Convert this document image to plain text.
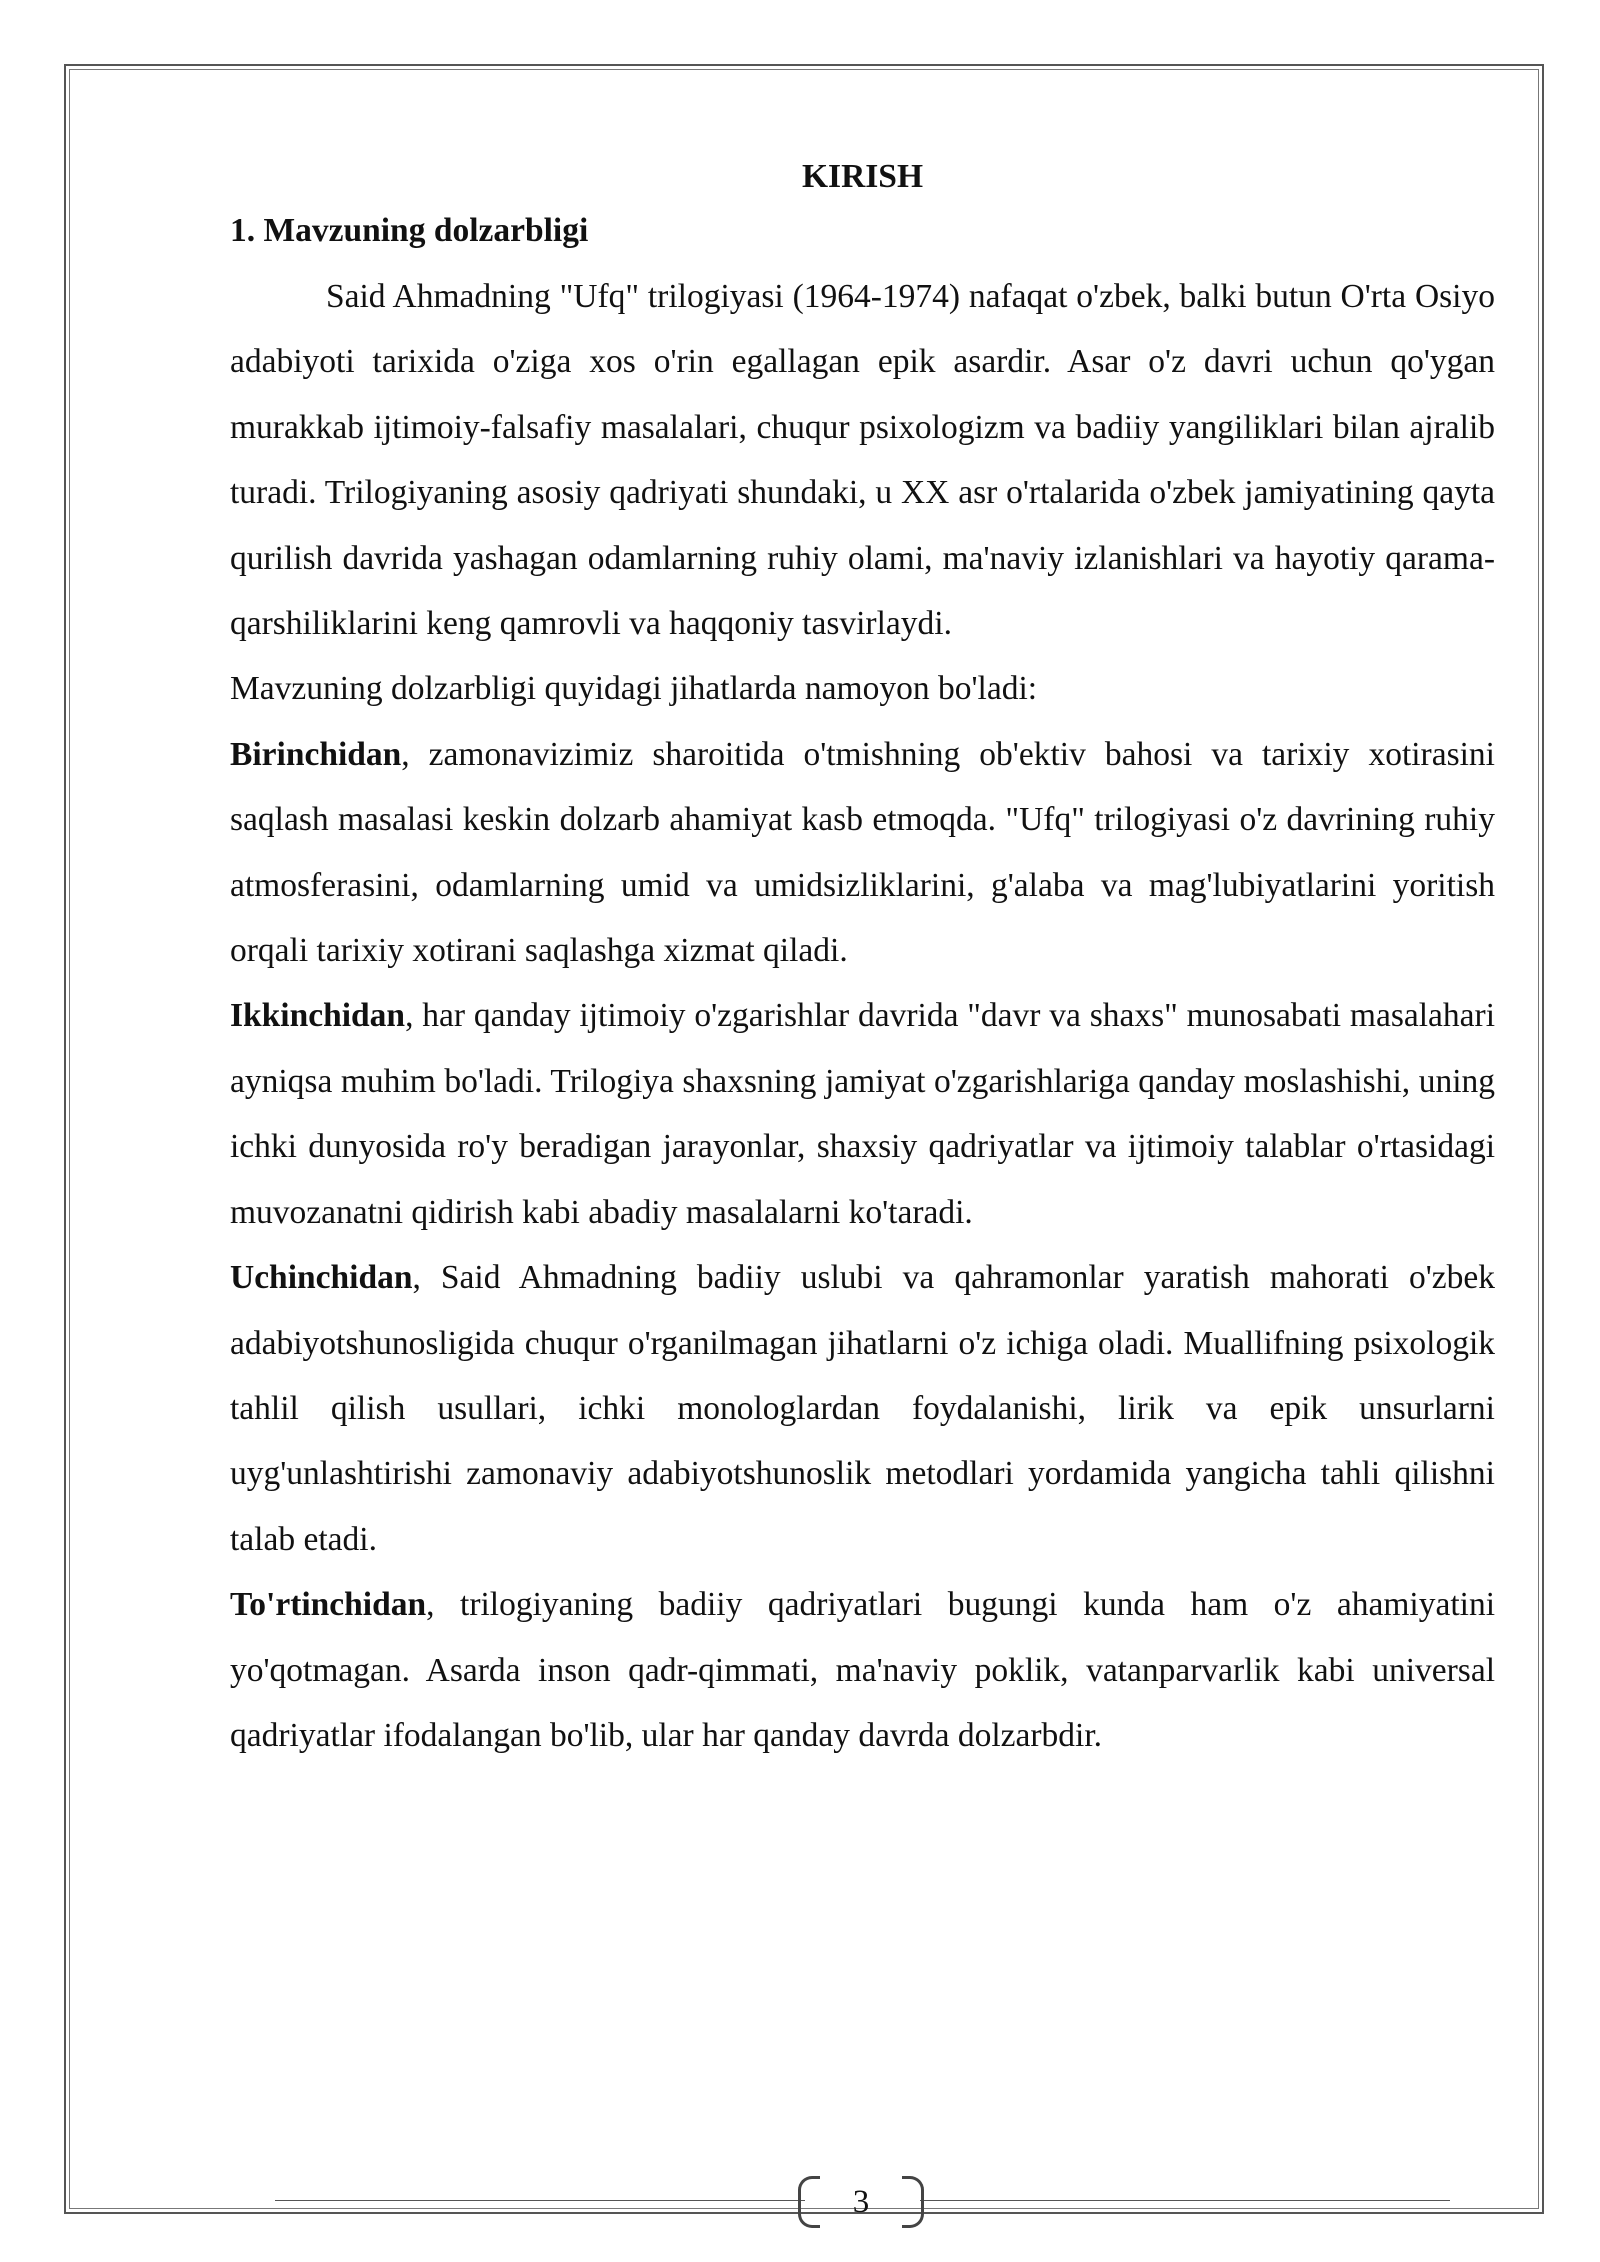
KIRISH

1. Mavzuning dolzarbligi

Said Ahmadning "Ufq" trilogiyasi (1964-1974) nafaqat o'zbek, balki butun O'rta Osiyo adabiyoti tarixida o'ziga xos o'rin egallagan epik asardir. Asar o'z davri uchun qo'ygan murakkab ijtimoiy-falsafiy masalalari, chuqur psixologizm va badiiy yangiliklari bilan ajralib turadi. Trilogiyaning asosiy qadriyati shundaki, u XX asr o'rtalarida o'zbek jamiyatining qayta qurilish davrida yashagan odamlarning ruhiy olami, ma'naviy izlanishlari va hayotiy qarama-qarshiliklarini keng qamrovli va haqqoniy tasvirlaydi.

Mavzuning dolzarbligi quyidagi jihatlarda namoyon bo'ladi:

Birinchidan, zamonavizimiz sharoitida o'tmishning ob'ektiv bahosi va tarixiy xotirasini saqlash masalasi keskin dolzarb ahamiyat kasb etmoqda. "Ufq" trilogiyasi o'z davrining ruhiy atmosferasini, odamlarning umid va umidsizliklarini, g'alaba va mag'lubiyatlarini yoritish orqali tarixiy xotirani saqlashga xizmat qiladi.

Ikkinchidan, har qanday ijtimoiy o'zgarishlar davrida "davr va shaxs" munosabati masalahari ayniqsa muhim bo'ladi. Trilogiya shaxsning jamiyat o'zgarishlariga qanday moslashishi, uning ichki dunyosida ro'y beradigan jarayonlar, shaxsiy qadriyatlar va ijtimoiy talablar o'rtasidagi muvozanatni qidirish kabi abadiy masalalarni ko'taradi.

Uchinchidan, Said Ahmadning badiiy uslubi va qahramonlar yaratish mahorati o'zbek adabiyotshunosligida chuqur o'rganilmagan jihatlarni o'z ichiga oladi. Muallifning psixologik tahlil qilish usullari, ichki monologlardan foydalanishi, lirik va epik unsurlarni uyg'unlashtirishi zamonaviy adabiyotshunoslik metodlari yordamida yangicha tahli qilishni talab etadi.

To'rtinchidan, trilogiyaning badiiy qadriyatlari bugungi kunda ham o'z ahamiyatini yo'qotmagan. Asarda inson qadr-qimmati, ma'naviy poklik, vatanparvarlik kabi universal qadriyatlar ifodalangan bo'lib, ular har qanday davrda dolzarbdir.

3
